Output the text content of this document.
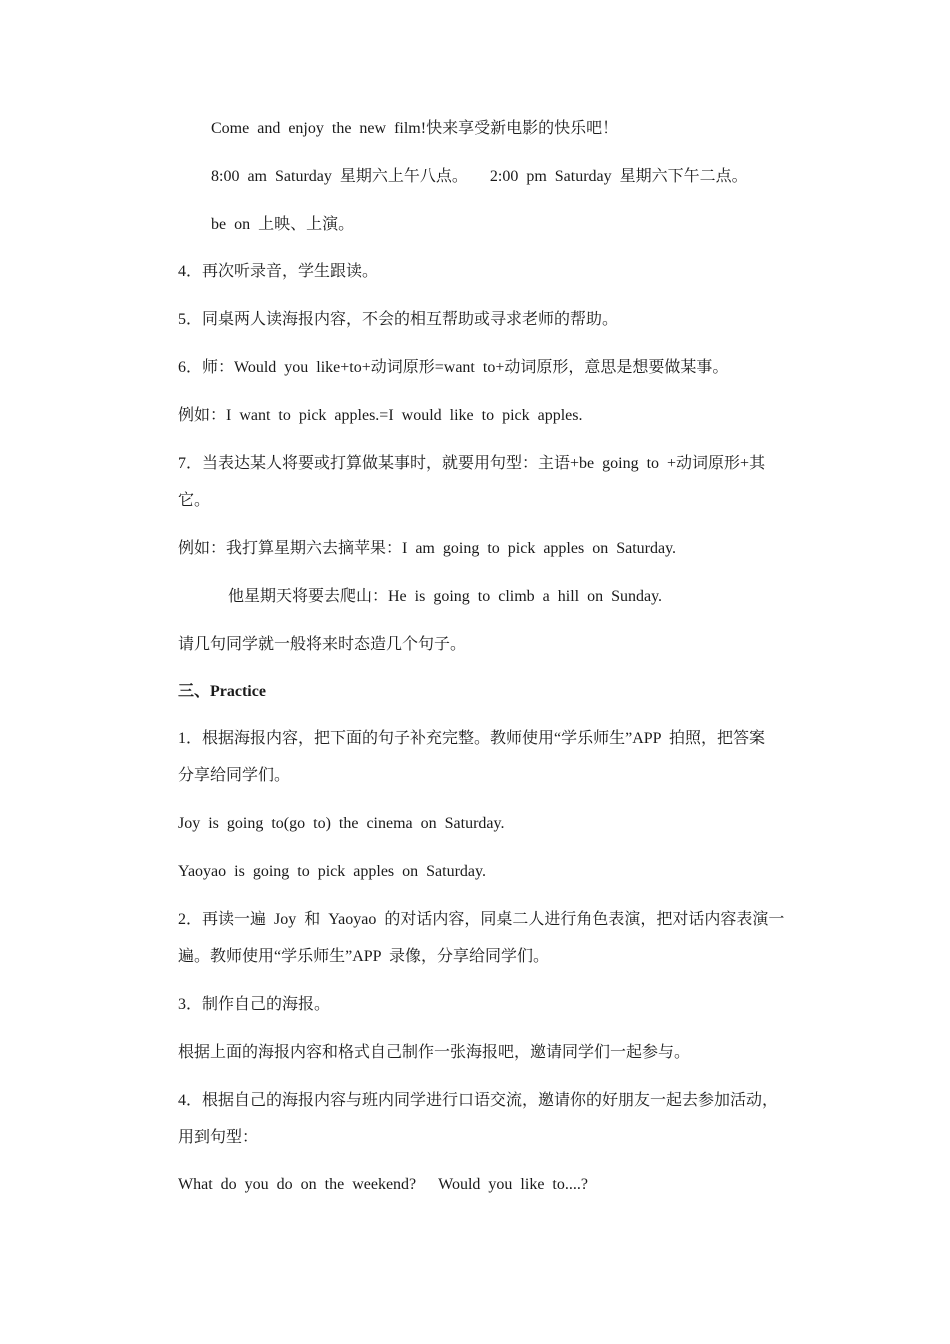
Come and enjoy the new film!快来享受新电影的快乐吧！
8:00 am Saturday 星期六上午八点。 2:00 pm Saturday 星期六下午二点。
be on 上映、上演。
4．再次听录音，学生跟读。
5．同桌两人读海报内容，不会的相互帮助或寻求老师的帮助。
6．师：Would you like+to+动词原形=want to+动词原形，意思是想要做某事。
例如：I want to pick apples.=I would like to pick apples.
7．当表达某人将要或打算做某事时，就要用句型：主语+be going to +动词原形+其
它。
例如：我打算星期六去摘苹果：I am going to pick apples on Saturday.
他星期天将要去爬山：He is going to climb a hill on Sunday.
请几句同学就一般将来时态造几个句子。
三、Practice
1．根据海报内容，把下面的句子补充完整。教师使用“学乐师生”APP 拍照，把答案
分享给同学们。
Joy is going to(go to) the cinema on Saturday.
Yaoyao is going to pick apples on Saturday.
2．再读一遍 Joy 和 Yaoyao 的对话内容，同桌二人进行角色表演，把对话内容表演一
遍。教师使用“学乐师生”APP 录像，分享给同学们。
3．制作自己的海报。
根据上面的海报内容和格式自己制作一张海报吧，邀请同学们一起参与。
4．根据自己的海报内容与班内同学进行口语交流，邀请你的好朋友一起去参加活动，
用到句型：
What do you do on the weekend? Would you like to....?
